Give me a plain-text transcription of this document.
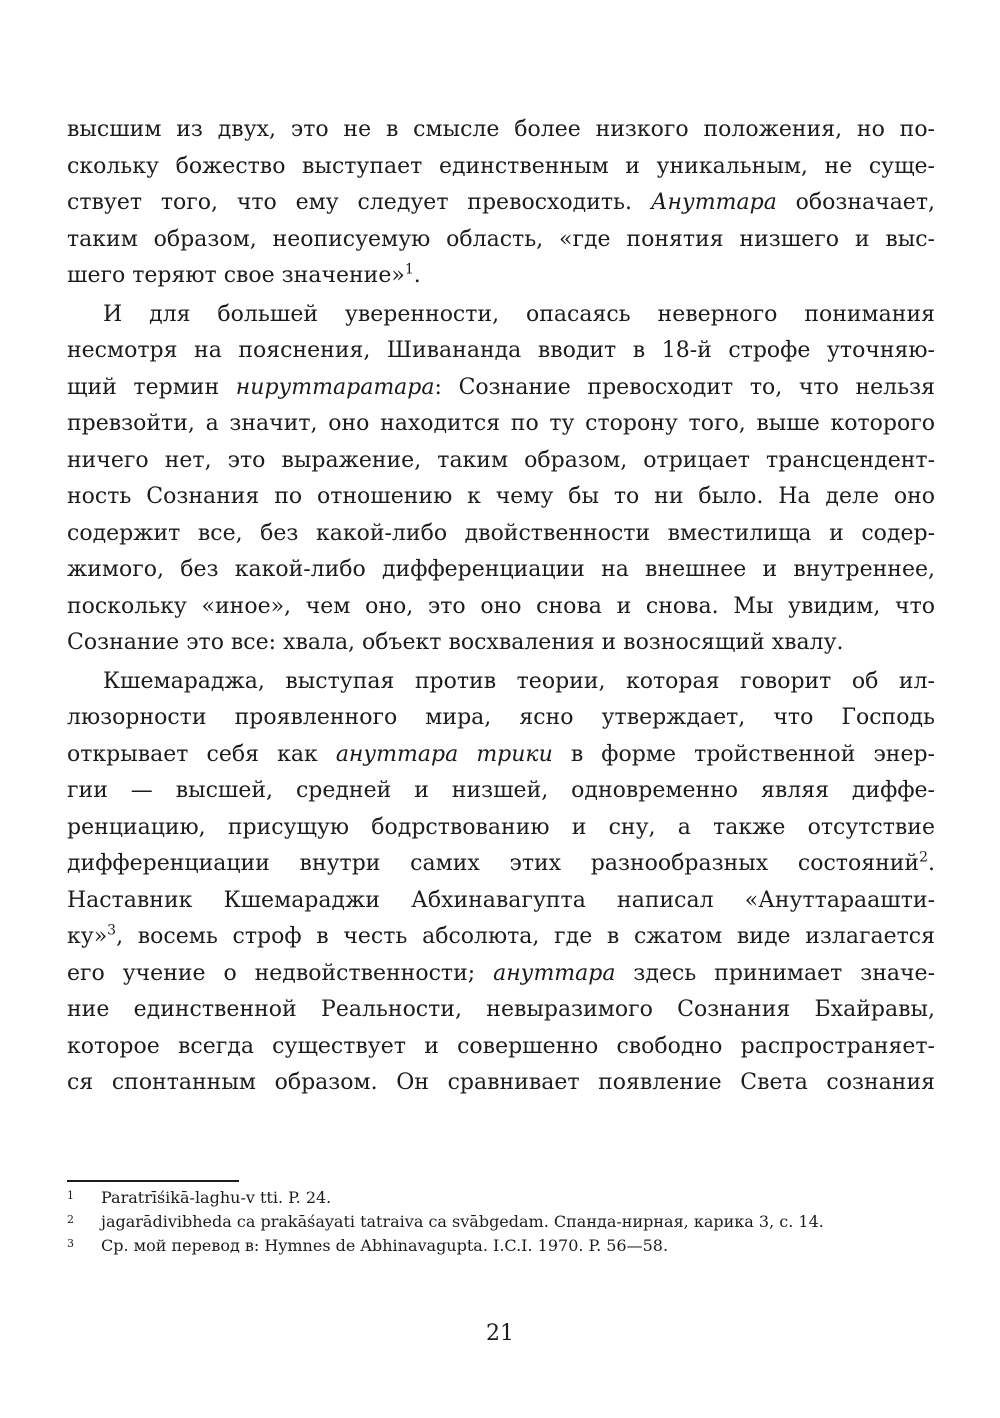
высшим из двух, это не в смысле более низкого положения, но по-
скольку божество выступает единственным и уникальным, не суще-
ствует того, что ему следует превосходить. Ануттара обозначает,
таким образом, неописуемую область, «где понятия низшего и выс-
шего теряют свое значение»$^1$.

И для большей уверенности, опасаясь неверного понимания
несмотря на пояснения, Шивананда вводит в 18-й строфе уточняю-
щий термин нируттаратара: Сознание превосходит то, что нельзя
превзойти, а значит, оно находится по ту сторону того, выше которого
ничего нет, это выражение, таким образом, отрицает трансцендент-
ность Сознания по отношению к чему бы то ни было. На деле оно
содержит все, без какой-либо двойственности вместилища и содер-
жимого, без какой-либо дифференциации на внешнее и внутреннее,
поскольку «иное», чем оно, это оно снова и снова. Мы увидим, что
Сознание это все: хвала, объект восхваления и возносящий хвалу.

Кшемараджа, выступая против теории, которая говорит об ил-
люзорности проявленного мира, ясно утверждает, что Господь
открывает себя как ануттара трики в форме тройственной энер-
гии — высшей, средней и низшей, одновременно являя диффе-
ренциацию, присущую бодрствованию и сну, а также отсутствие
дифференциации внутри самих этих разнообразных состояний$^2$.
Наставник Кшемараджи Абхинавагупта написал «Ануттараашти-
ку»$^3$, восемь строф в честь абсолюта, где в сжатом виде излагается
его учение о недвойственности; ануттара здесь принимает значе-
ние единственной Реальности, невыразимого Сознания Бхайравы,
которое всегда существует и совершенно свободно распространяет-
ся спонтанным образом. Он сравнивает появление Света сознания

1	Paratrīśikā-laghu-v tti. P. 24.
2	jagarādivibheda ca prakāśayati tatraiva ca svābgedam. Спанда-нирная, карика 3, с. 14.
3	Ср. мой перевод в: Hymnes de Abhinavagupta. I.C.I. 1970. P. 56—58.
21
